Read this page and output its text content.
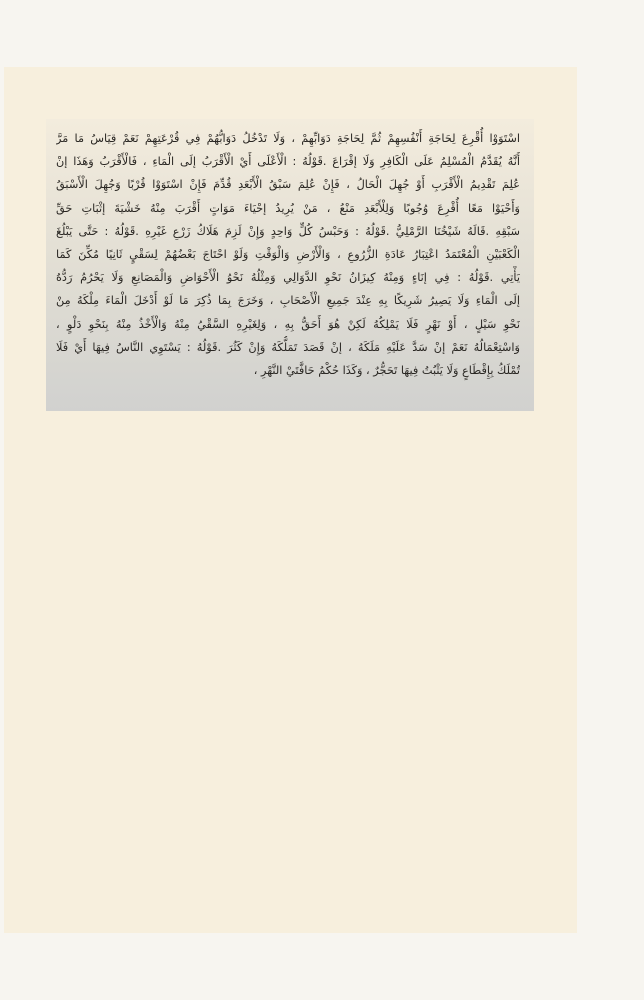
اسْتَوَوْا أُقْرِعَ لِحَاجَةِ أَنْفُسِهِمْ ثُمَّ لِحَاجَةِ دَوَابِّهِمْ ، وَلَا تَدْخُلُ دَوَابُّهُمْ فِي قُرْعَتِهِمْ نَعَمْ قِيَاسُ مَا مَرَّ
أَنَّهُ يُقَدَّمُ الْمُسْلِمُ عَلَى الْكَافِرِ وَلَا إقْرَاعَ .قَوْلُهُ : الْأَعْلَى أَيْ الْأَقْرَبُ إلَى الْمَاءِ ، فَالْأَقْرَبُ وَهَذَا إنْ
عُلِمَ تَقْدِيمُ الْأَقْرَبِ أَوْ جُهِلَ الْحَالُ ، فَإِنْ عُلِمَ سَبْقُ الْأَبْعَدِ قُدِّمَ فَإِنْ اسْتَوَوْا قُرْبًا وَجُهِلَ الْأَسْبَقُ
وَأَحْيَوْا مَعًا أُقْرِعَ وُجُوبًا وَلِلْأَبْعَدِ مَنْعُ ، مَنْ يُرِيدُ إحْيَاءَ مَوَاتٍ أَقْرَبَ مِنْهُ خَشْيَةَ إثْبَاتِ حَقِّ
سَبْقِهِ .قَالَهُ شَيْخُنَا الرَّمْلِيُّ .قَوْلُهُ : وَحَبْسُ كُلٍّ وَاحِدٍ وَإِنْ لَزِمَ هَلَاكُ زَرْعِ غَيْرِهِ .قَوْلُهُ : حَتَّى يَبْلُغَ
الْكَعْبَيْنِ الْمُعْتَمَدُ اعْتِبَارُ عَادَةِ الزُّرُوعِ ، وَالْأَرْضِ وَالْوَقْتِ وَلَوْ احْتَاجَ بَعْضُهُمْ لِسَقْيٍ ثَانِيًا مُكِّنَ كَمَا
يَأْتِي .قَوْلُهُ : فِي إنَاءٍ وَمِنْهُ كِيزَانُ نَحْوِ الدَّوَالِي وَمِثْلُهُ نَحْوُ الْأَحْوَاضِ وَالْمَصَانِعِ وَلَا يَحْرُمُ رَدُّهُ
إلَى الْمَاءِ وَلَا يَصِيرُ شَرِيكًا بِهِ عِنْدَ جَمِيعِ الْأَصْحَابِ ، وَخَرَجَ بِمَا ذُكِرَ مَا لَوْ أَدْخَلَ الْمَاءَ مِلْكَهُ مِنْ
نَحْوِ سَيْلٍ ، أَوْ نَهْرٍ فَلَا يَمْلِكُهُ لَكِنْ هُوَ أَحَقُّ بِهِ ، وَلِغَيْرِهِ السَّقْيُ مِنْهُ وَالْأَخْذُ مِنْهُ بِنَحْوِ دَلْوٍ ،
وَاسْتِعْمَالُهُ نَعَمْ إنْ سَدَّ عَلَيْهِ مَلَكَهُ ، إنْ قَصَدَ تَمَلُّكَهُ وَإِنْ كَثُرَ .قَوْلُهُ : يَسْتَوِي النَّاسُ فِيهَا أَيْ فَلَا
تُمْلَكُ بِإِقْطَاعٍ وَلَا يَثْبُتُ فِيهَا تَحَجُّرٌ ، وَكَذَا حُكْمُ حَافَّتَيْ النَّهْرِ ،
